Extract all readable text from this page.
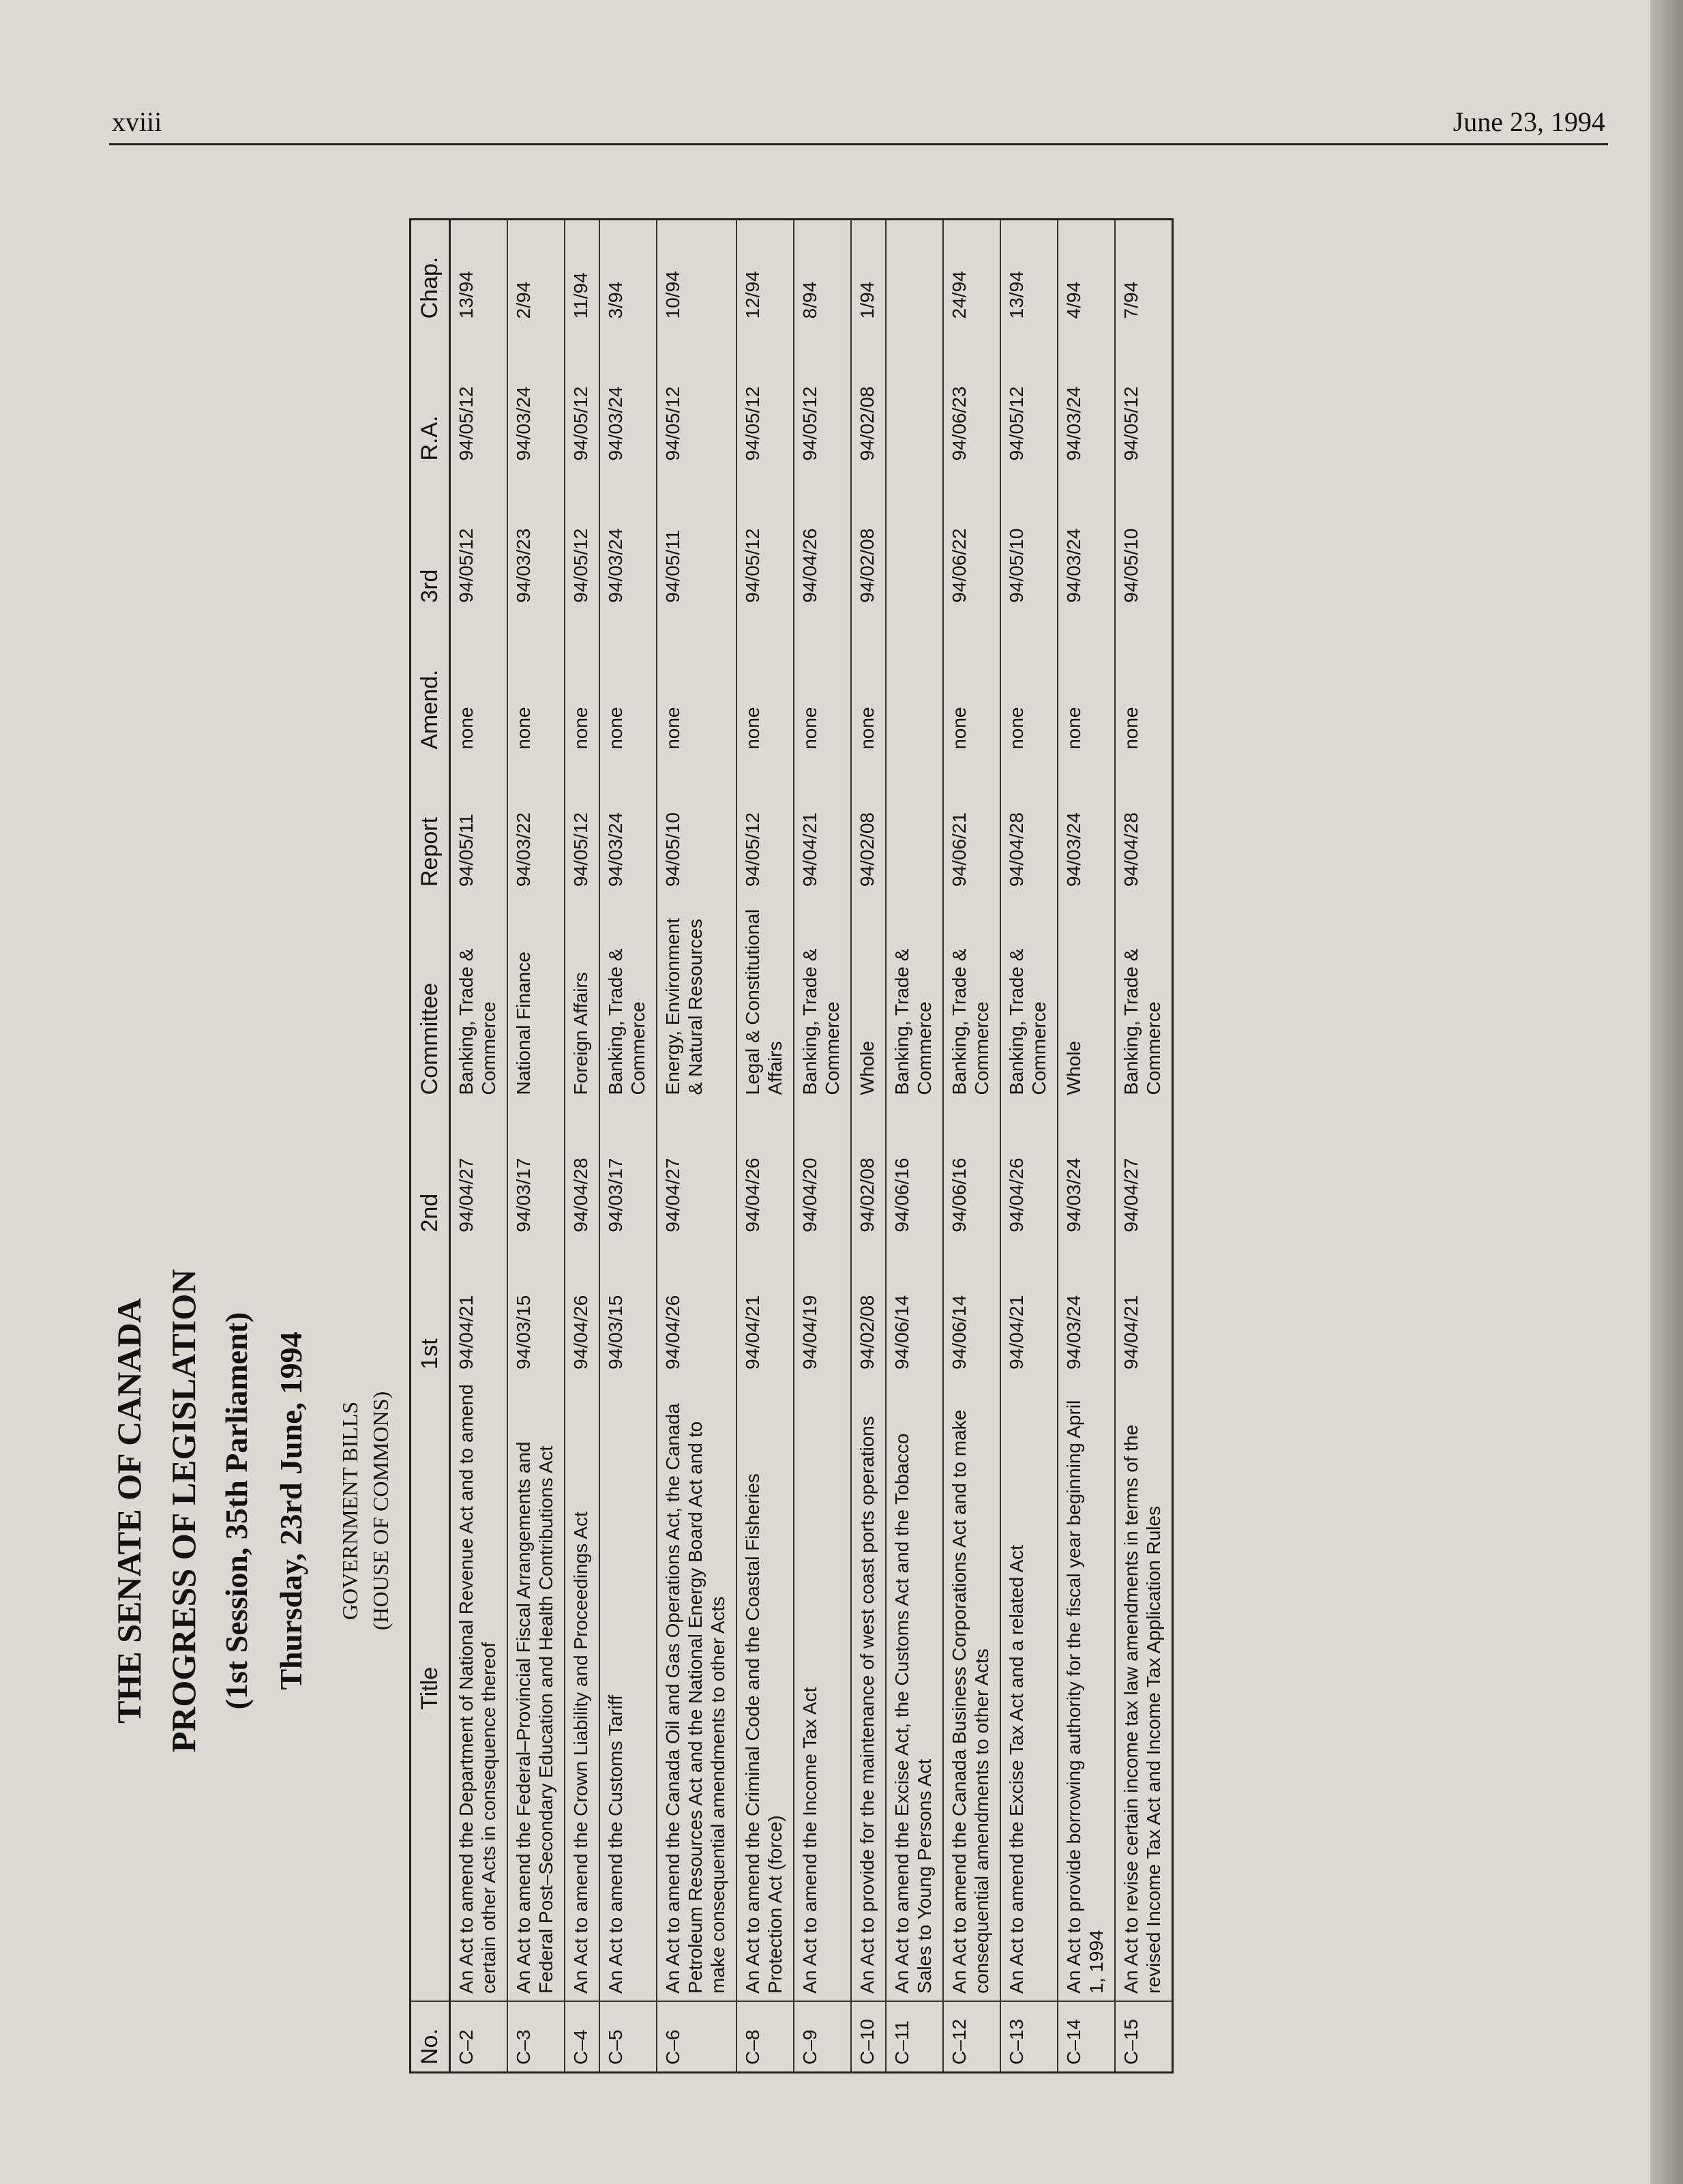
xviii	June 23, 1994
THE SENATE OF CANADA PROGRESS OF LEGISLATION (1st Session, 35th Parliament) Thursday, 23rd June, 1994 GOVERNMENT BILLS (HOUSE OF COMMONS)
No.	Title	1st	2nd	Committee	Report	Amend.	3rd	R.A.	Chap.
C–2	An Act to amend the Department of National Revenue Act and to amend certain other Acts in consequence thereof	94/04/21	94/04/27	Banking, Trade & Commerce	94/05/11	none	94/05/12	94/05/12	13/94
C–3	An Act to amend the Federal–Provincial Fiscal Arrangements and Federal Post–Secondary Education and Health Contributions Act	94/03/15	94/03/17	National Finance	94/03/22	none	94/03/23	94/03/24	2/94
C–4	An Act to amend the Crown Liability and Proceedings Act	94/04/26	94/04/28	Foreign Affairs	94/05/12	none	94/05/12	94/05/12	11/94
C–5	An Act to amend the Customs Tariff	94/03/15	94/03/17	Banking, Trade & Commerce	94/03/24	none	94/03/24	94/03/24	3/94
C–6	An Act to amend the Canada Oil and Gas Operations Act, the Canada Petroleum Resources Act and the National Energy Board Act and to make consequential amendments to other Acts	94/04/26	94/04/27	Energy, Environment & Natural Resources	94/05/10	none	94/05/11	94/05/12	10/94
C–8	An Act to amend the Criminal Code and the Coastal Fisheries Protection Act (force)	94/04/21	94/04/26	Legal & Constitutional Affairs	94/05/12	none	94/05/12	94/05/12	12/94
C–9	An Act to amend the Income Tax Act	94/04/19	94/04/20	Banking, Trade & Commerce	94/04/21	none	94/04/26	94/05/12	8/94
C–10	An Act to provide for the maintenance of west coast ports operations	94/02/08	94/02/08	Whole	94/02/08	none	94/02/08	94/02/08	1/94
C–11	An Act to amend the Excise Act, the Customs Act and the Tobacco Sales to Young Persons Act	94/06/14	94/06/16	Banking, Trade & Commerce					
C–12	An Act to amend the Canada Business Corporations Act and to make consequential amendments to other Acts	94/06/14	94/06/16	Banking, Trade & Commerce	94/06/21	none	94/06/22	94/06/23	24/94
C–13	An Act to amend the Excise Tax Act and a related Act	94/04/21	94/04/26	Banking, Trade & Commerce	94/04/28	none	94/05/10	94/05/12	13/94
C–14	An Act to provide borrowing authority for the fiscal year beginning April 1, 1994	94/03/24	94/03/24	Whole	94/03/24	none	94/03/24	94/03/24	4/94
C–15	An Act to revise certain income tax law amendments in terms of the revised Income Tax Act and Income Tax Application Rules	94/04/21	94/04/27	Banking, Trade & Commerce	94/04/28	none	94/05/10	94/05/12	7/94
